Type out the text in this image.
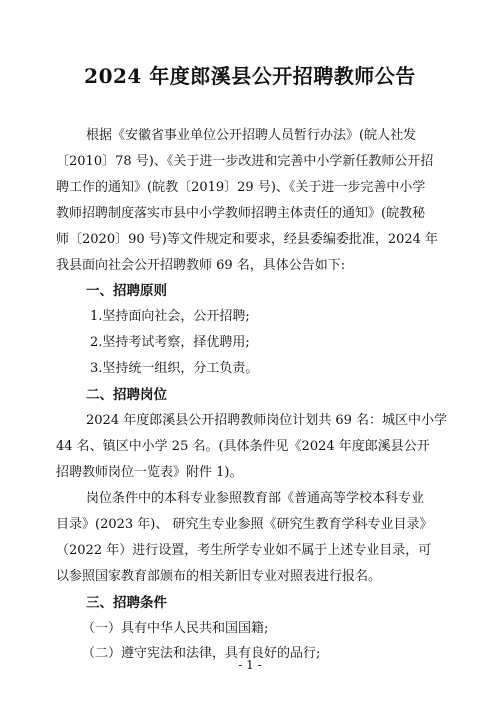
2024 年度郎溪县公开招聘教师公告
根据《安徽省事业单位公开招聘人员暂行办法》(皖人社发
〔2010〕78 号)、《关于进一步改进和完善中小学新任教师公开招
聘工作的通知》(皖教〔2019〕29 号)、《关于进一步完善中小学
教师招聘制度落实市县中小学教师招聘主体责任的通知》(皖教秘
师〔2020〕90 号)等文件规定和要求，经县委编委批准，2024 年
我县面向社会公开招聘教师 69 名，具体公告如下:
一、招聘原则
1.坚持面向社会，公开招聘;
2.坚持考试考察，择优聘用;
3.坚持统一组织，分工负责。
二、招聘岗位
2024 年度郎溪县公开招聘教师岗位计划共 69 名：城区中小学
44 名、镇区中小学 25 名。(具体条件见《2024 年度郎溪县公开
招聘教师岗位一览表》附件 1)。
岗位条件中的本科专业参照教育部《普通高等学校本科专业
目录》(2023 年)、 研究生专业参照《研究生教育学科专业目录》
（2022 年）进行设置，考生所学专业如不属于上述专业目录，可
以参照国家教育部颁布的相关新旧专业对照表进行报名。
三、招聘条件
（一）具有中华人民共和国国籍;
（二）遵守宪法和法律，具有良好的品行;
- 1 -
